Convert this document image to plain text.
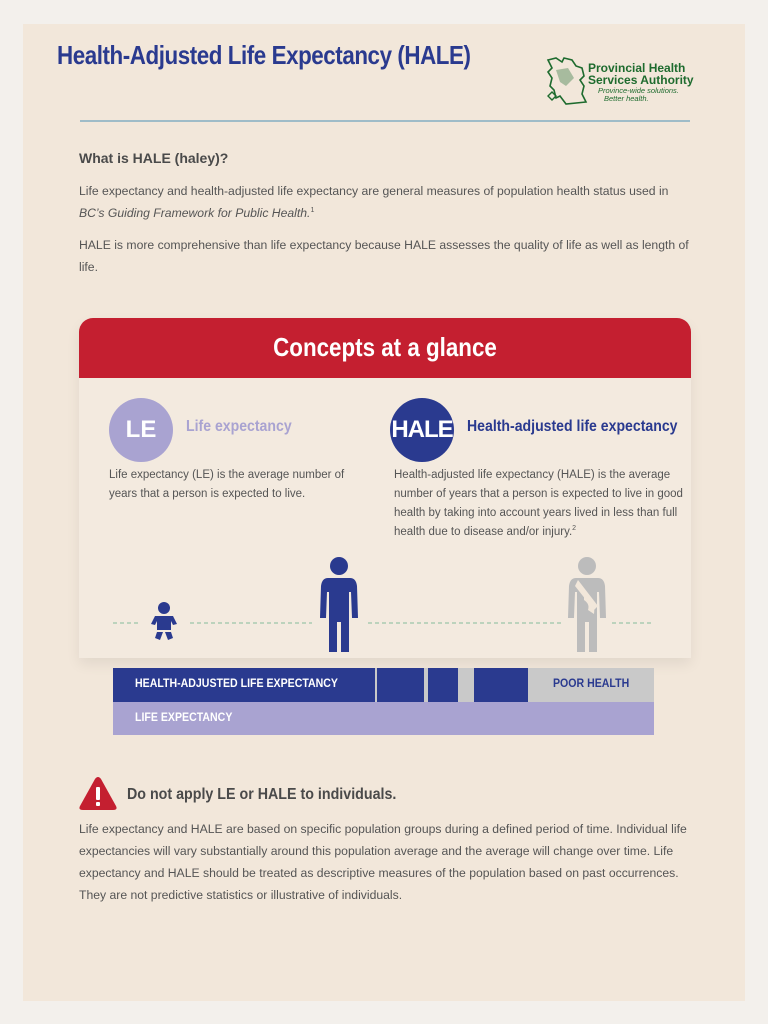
Health-Adjusted Life Expectancy (HALE)	Provincial Health
Services Authority
Province-wide solutions.
Better health.
What is HALE (haley)?

Life expectancy and health-adjusted life expectancy are general measures of population health status used in BC’s Guiding Framework for Public Health.$^1$

HALE is more comprehensive than life expectancy because HALE assesses the quality of life as well as length of life.

Concepts at a glance
LE	Life expectancy

Life expectancy (LE) is the average number of years that a person is expected to live.

HALE Health-adjusted life expectancy

Health-adjusted life expectancy (HALE) is the average number of years that a person is expected to live in good health by taking into account years lived in less than full health due to disease and/or injury.$^2$

HEALTH-ADJUSTED LIFE EXPECTANCY	POOR HEALTH
LIFE EXPECTANCY
Do not apply LE or HALE to individuals.

Life expectancy and HALE are based on specific population groups during a defined period of time. Individual life expectancies will vary substantially around this population average and the average will change over time. Life expectancy and HALE should be treated as descriptive measures of the population based on past occurrences. They are not predictive statistics or illustrative of individuals.
